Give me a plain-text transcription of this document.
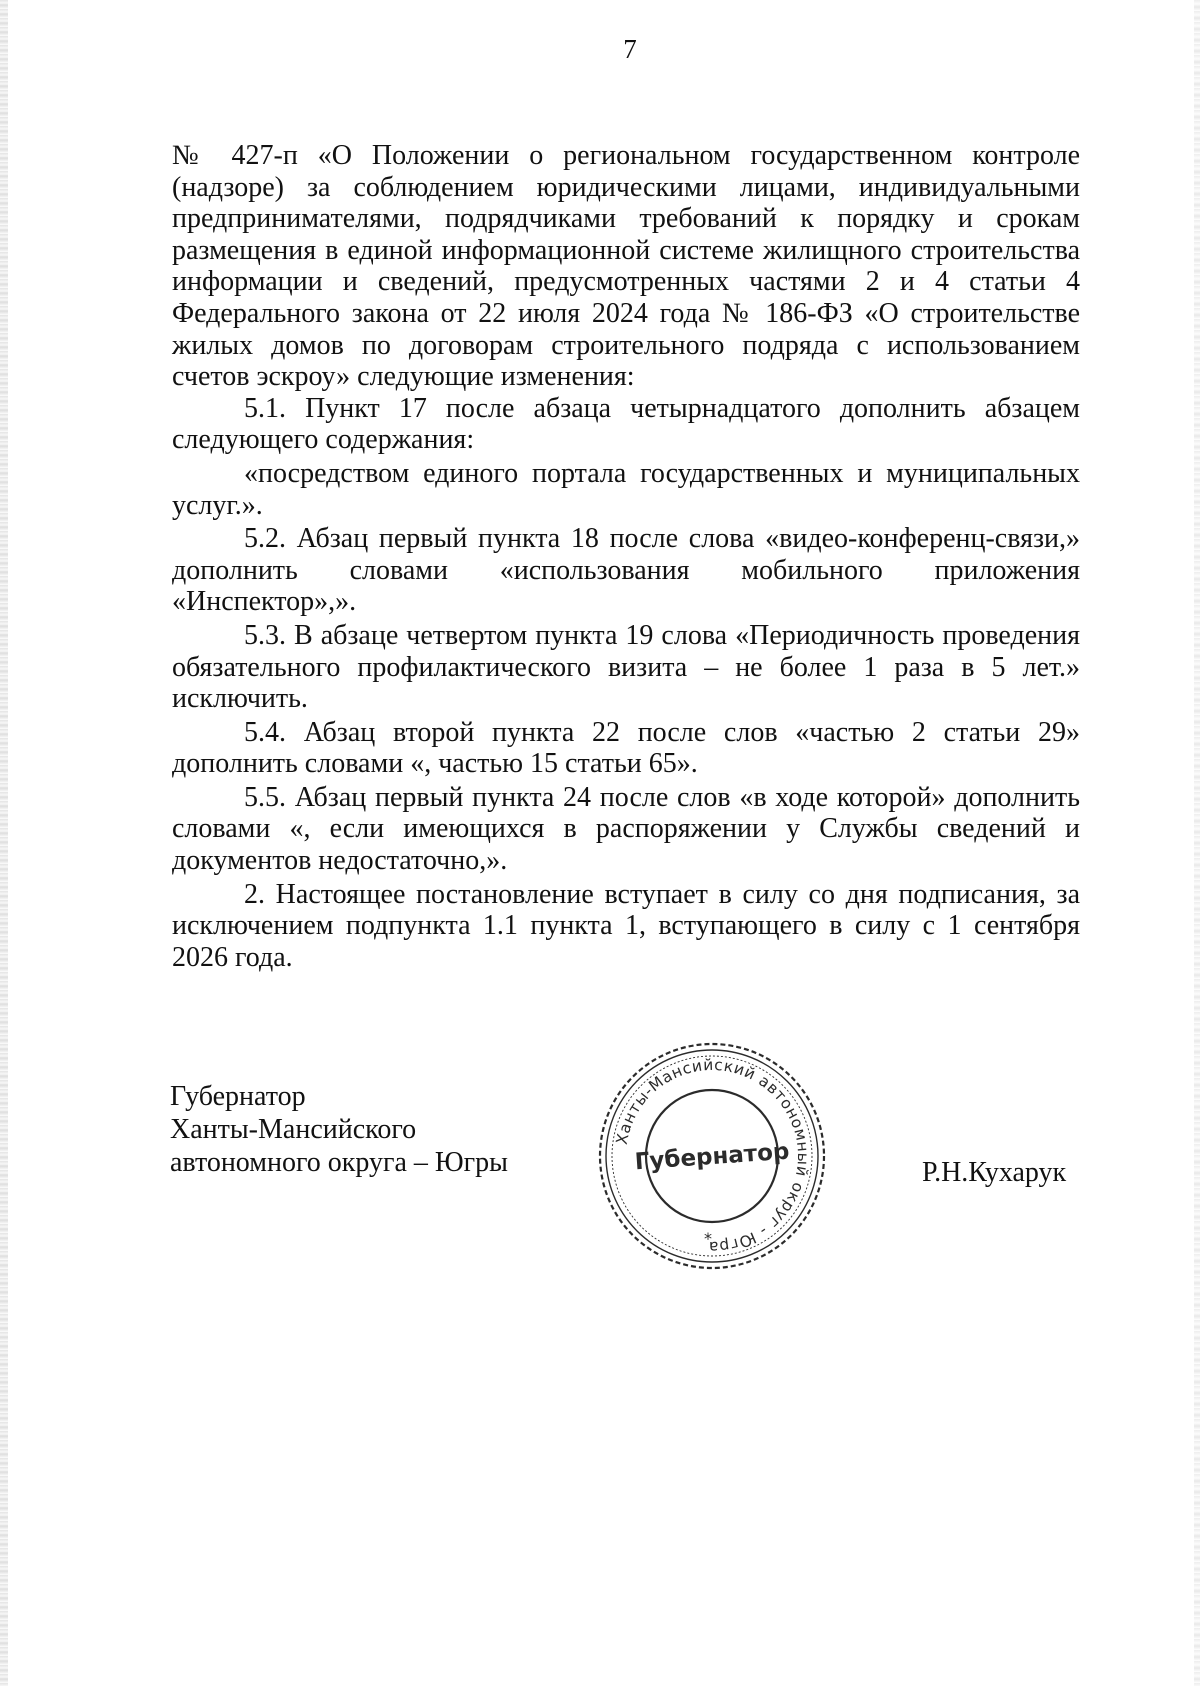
7

№ 427-п «О Положении о региональном государственном контроле (надзоре) за соблюдением юридическими лицами, индивидуальными предпринимателями, подрядчиками требований к порядку и срокам размещения в единой информационной системе жилищного строительства информации и сведений, предусмотренных частями 2 и 4 статьи 4 Федерального закона от 22 июля 2024 года № 186-ФЗ «О строительстве жилых домов по договорам строительного подряда с использованием счетов эскроу» следующие изменения:

5.1. Пункт 17 после абзаца четырнадцатого дополнить абзацем следующего содержания:

«посредством единого портала государственных и муниципальных услуг.».

5.2. Абзац первый пункта 18 после слова «видео-конференц-связи,» дополнить словами «использования мобильного приложения «Инспектор»,».

5.3. В абзаце четвертом пункта 19 слова «Периодичность проведения обязательного профилактического визита – не более 1 раза в 5 лет.» исключить.

5.4. Абзац второй пункта 22 после слов «частью 2 статьи 29» дополнить словами «, частью 15 статьи 65».

5.5. Абзац первый пункта 24 после слов «в ходе которой» дополнить словами «, если имеющихся в распоряжении у Службы сведений и документов недостаточно,».

2. Настоящее постановление вступает в силу со дня подписания, за исключением подпункта 1.1 пункта 1, вступающего в силу с 1 сентября 2026 года.

Губернатор
Ханты-Мансийского
автономного округа – Югры	Р.Н.Кухарук
Ханты-Мансийский автономный округ - Югра
Губернатор
*
